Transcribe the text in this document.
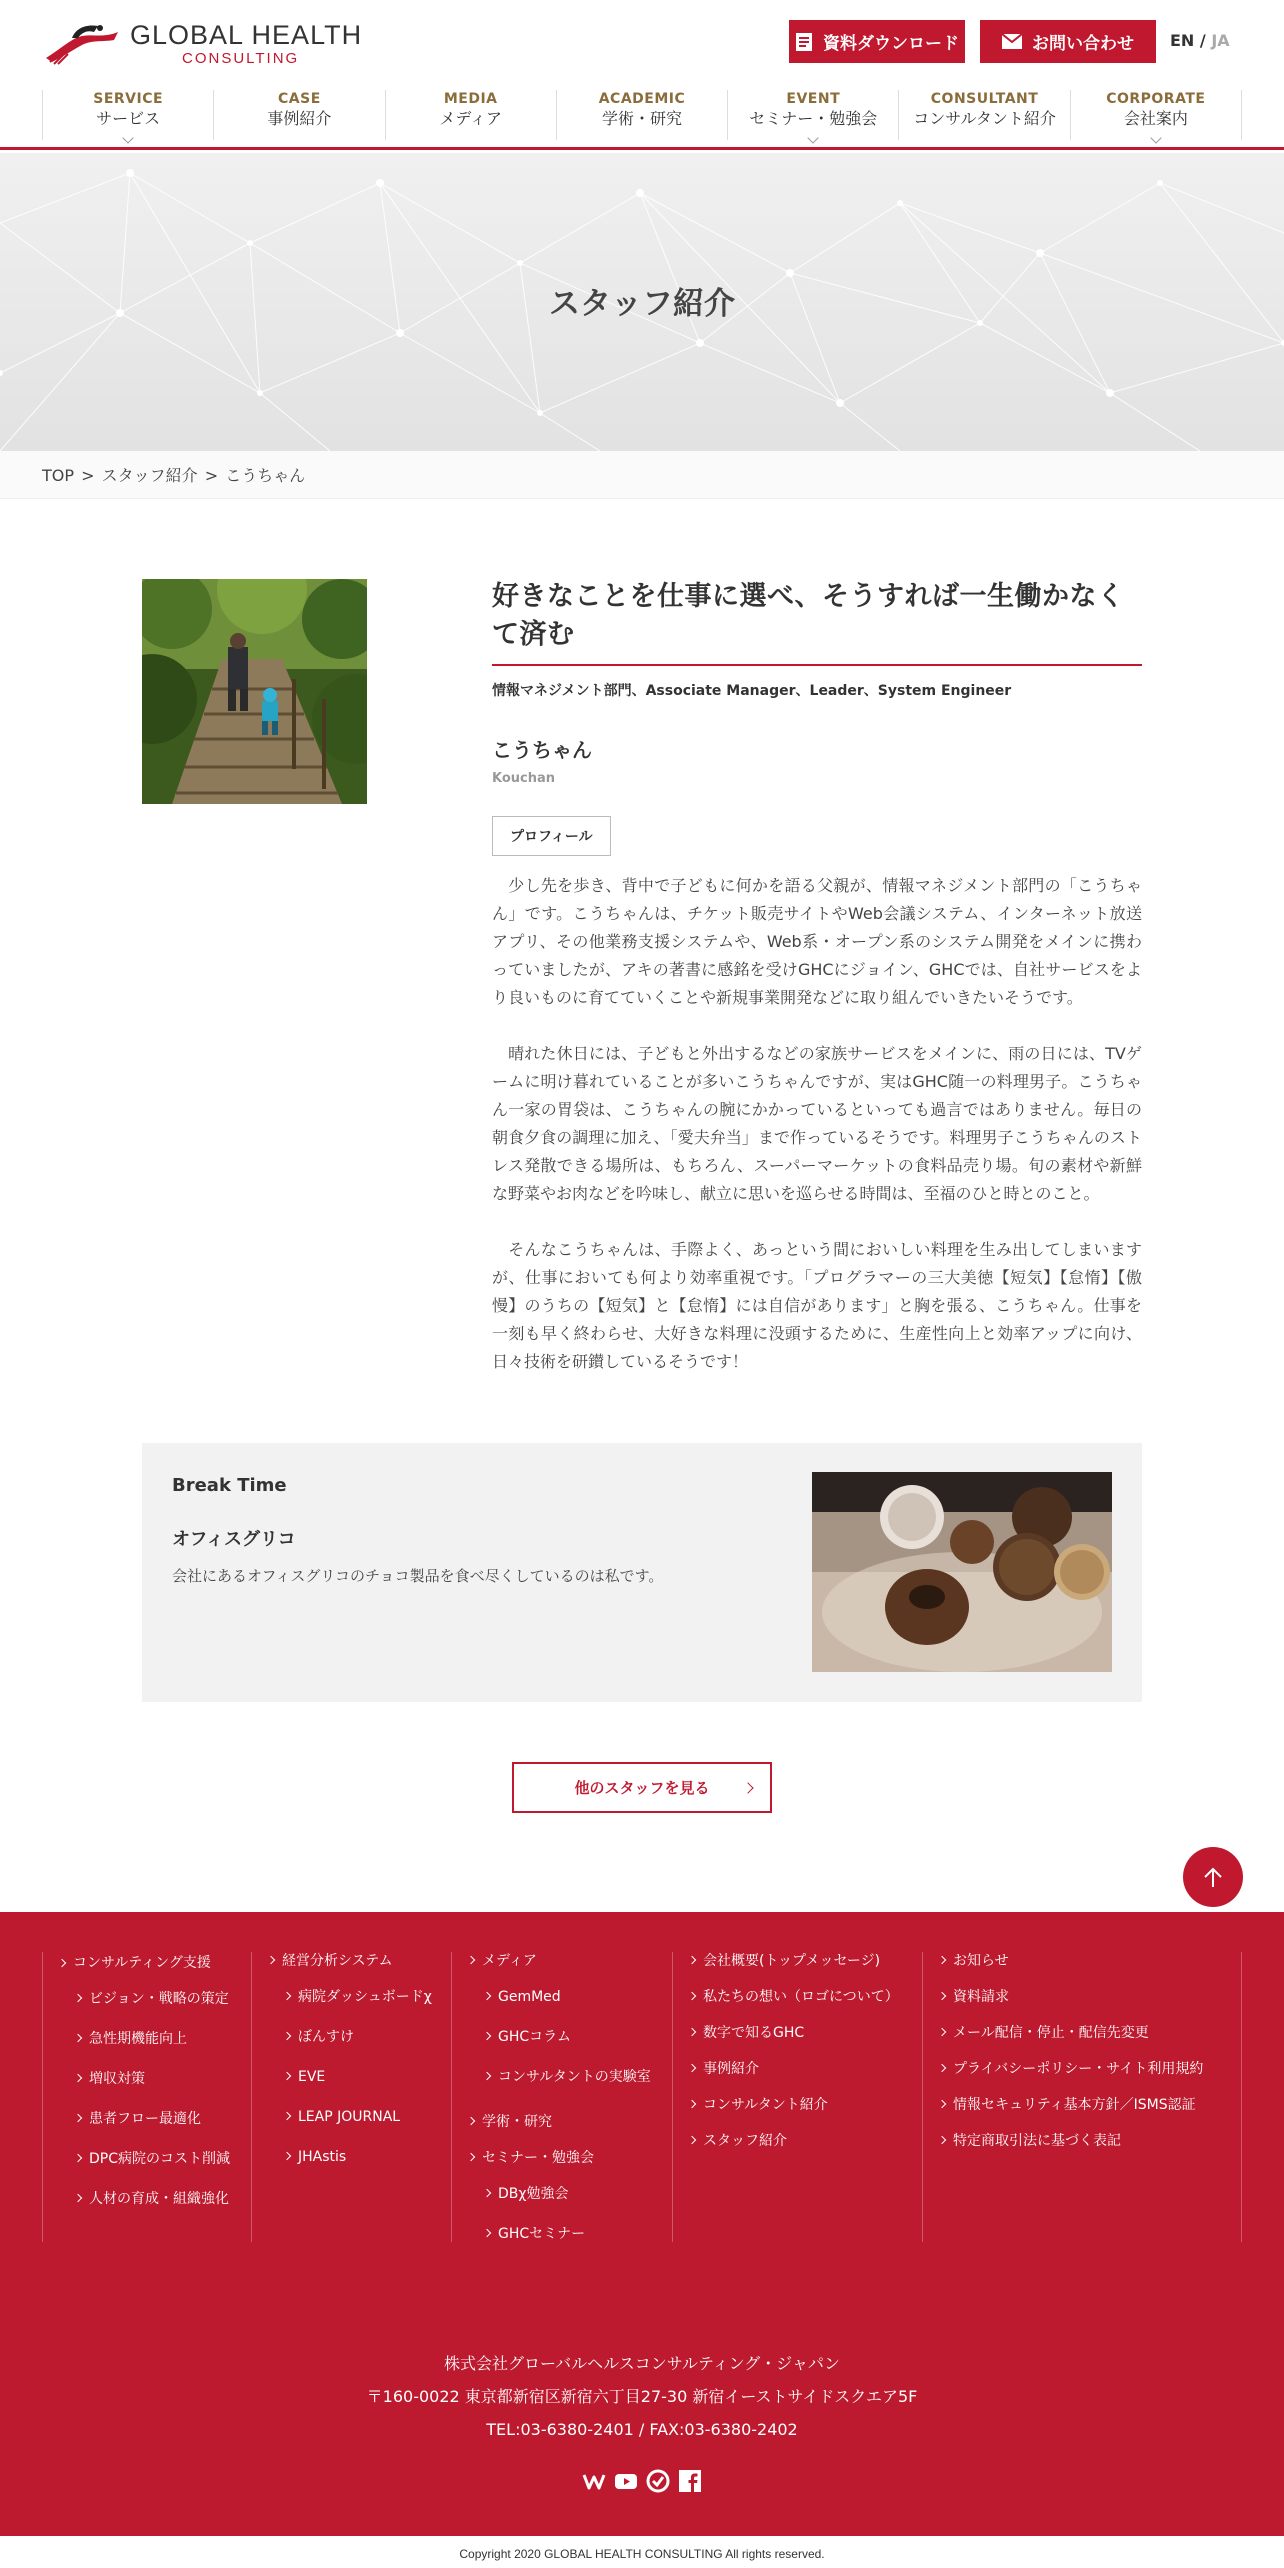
GLOBAL HEALTH
CONSULTING
資料ダウンロード	お問い合わせ EN / JA
SERVICE
サービス
CASE
事例紹介
MEDIA
メディア
ACADEMIC
学術・研究
EVENT
セミナー・勉強会
CONSULTANT
コンサルタント紹介
CORPORATE
会社案内
スタッフ紹介
TOP > スタッフ紹介 > こうちゃん
好きなことを仕事に選べ、そうすれば一生働かなくて済む

情報マネジメント部門、Associate Manager、Leader、System Engineer

こうちゃん

Kouchan

プロフィール

　少し先を歩き、背中で子どもに何かを語る父親が、情報マネジメント部門の「こうちゃん」です。こうちゃんは、チケット販売サイトやWeb会議システム、インターネット放送アプリ、その他業務支援システムや、Web系・オープン系のシステム開発をメインに携わっていましたが、アキの著書に感銘を受けGHCにジョイン、GHCでは、自社サービスをより良いものに育てていくことや新規事業開発などに取り組んでいきたいそうです。

　晴れた休日には、子どもと外出するなどの家族サービスをメインに、雨の日には、TVゲームに明け暮れていることが多いこうちゃんですが、実はGHC随一の料理男子。こうちゃん一家の胃袋は、こうちゃんの腕にかかっているといっても過言ではありません。毎日の朝食夕食の調理に加え、「愛夫弁当」まで作っているそうです。料理男子こうちゃんのストレス発散できる場所は、もちろん、スーパーマーケットの食料品売り場。旬の素材や新鮮な野菜やお肉などを吟味し、献立に思いを巡らせる時間は、至福のひと時とのこと。

　そんなこうちゃんは、手際よく、あっという間においしい料理を生み出してしまいますが、仕事においても何より効率重視です。「プログラマーの三大美徳【短気】【怠惰】【傲慢】のうちの【短気】と【怠惰】には自信があります」と胸を張る、こうちゃん。仕事を一刻も早く終わらせ、大好きな料理に没頭するために、生産性向上と効率アップに向け、日々技術を研鑚しているそうです！

Break Time

オフィスグリコ

会社にあるオフィスグリコのチョコ製品を食べ尽くしているのは私です。

他のスタッフを見る
コンサルティング支援
ビジョン・戦略の策定
急性期機能向上
増収対策
患者フロー最適化
DPC病院のコスト削減
人材の育成・組織強化
経営分析システム
病院ダッシュボードχ
ぼんすけ
EVE
LEAP JOURNAL
JHAstis
メディア
GemMed
GHCコラム
コンサルタントの実験室
学術・研究
セミナー・勉強会
DBχ勉強会
GHCセミナー
会社概要(トップメッセージ)
私たちの想い（ロゴについて）
数字で知るGHC
事例紹介
コンサルタント紹介
スタッフ紹介
お知らせ
資料請求
メール配信・停止・配信先変更
プライバシーポリシー・サイト利用規約
情報セキュリティ基本方針／ISMS認証
特定商取引法に基づく表記

株式会社グローバルヘルスコンサルティング・ジャパン

〒160-0022 東京都新宿区新宿六丁目27-30 新宿イーストサイドスクエア5F

TEL:03-6380-2401 / FAX:03-6380-2402

Copyright 2020 GLOBAL HEALTH CONSULTING All rights reserved.
